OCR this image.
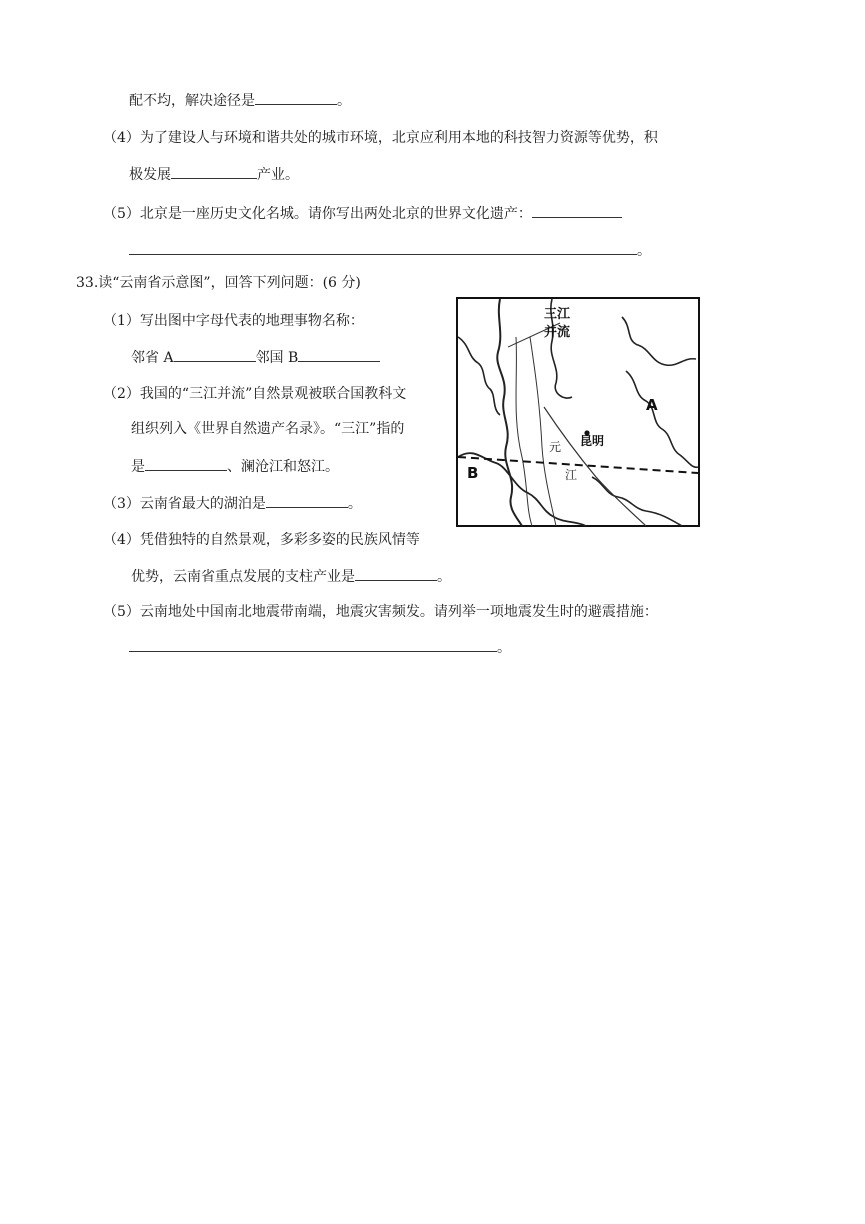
配不均，解决途径是	。
（4）为了建设人与环境和谐共处的城市环境，北京应利用本地的科技智力资源等优势，积
极发展	产业。
（5）北京是一座历史文化名城。请你写出两处北京的世界文化遗产：
。
33.读“云南省示意图”，回答下列问题：(6 分)
（1）写出图中字母代表的地理事物名称：
邻省 A	邻国 B
（2）我国的“三江并流”自然景观被联合国教科文
组织列入《世界自然遗产名录》。“三江”指的
是	、澜沧江和怒江。
（3）云南省最大的湖泊是	。
（4）凭借独特的自然景观，多彩多姿的民族风情等
优势，云南省重点发展的支柱产业是	。
（5）云南地处中国南北地震带南端，地震灾害频发。请列举一项地震发生时的避震措施：
。
三江
并流
A
B
昆明
元
江
